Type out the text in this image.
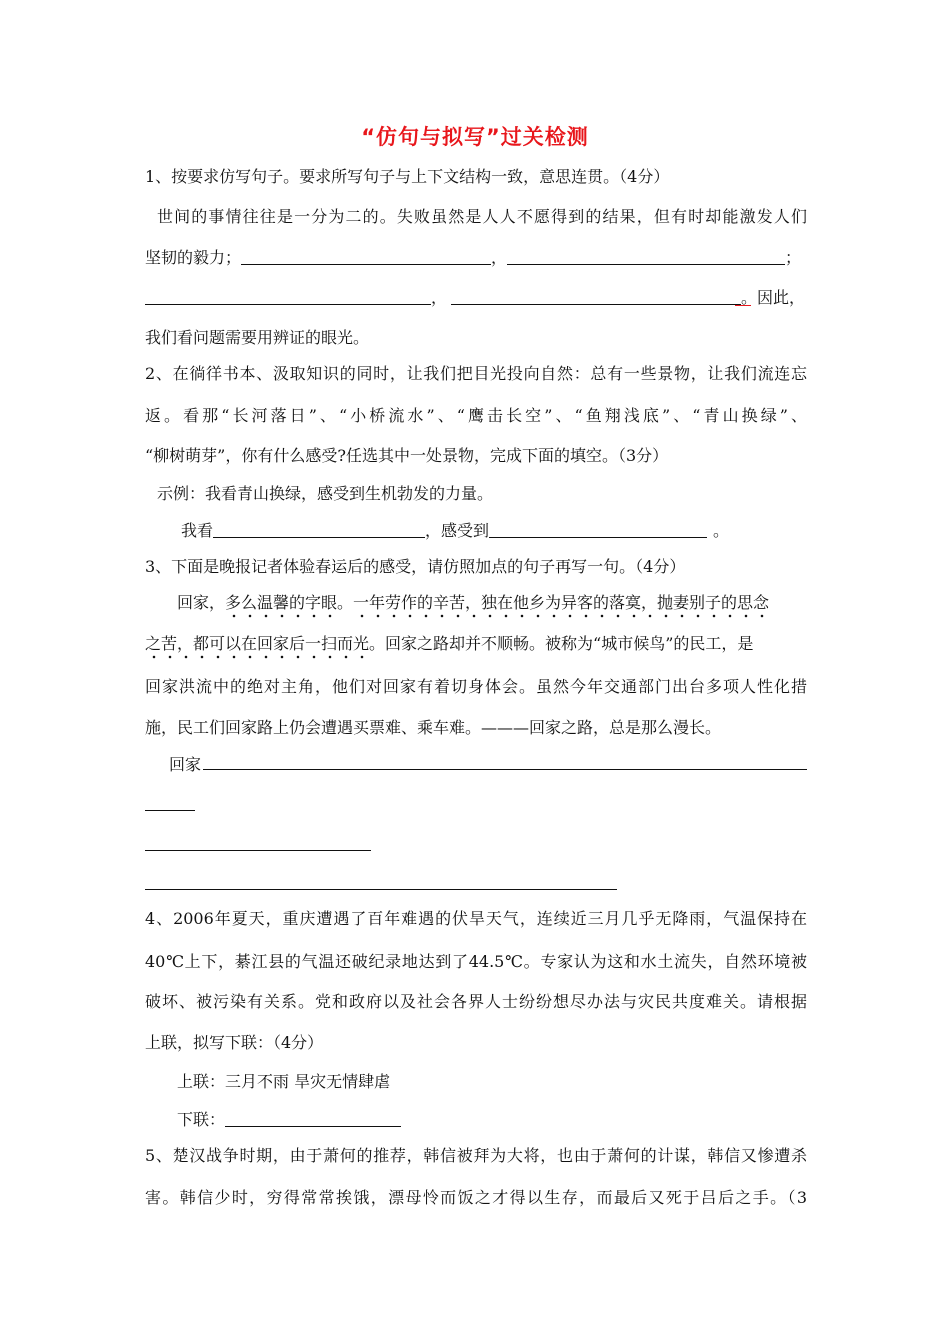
“仿句与拟写”过关检测
1、按要求仿写句子。要求所写句子与上下文结构一致，意思连贯。（4分）
世间的事情往往是一分为二的。失败虽然是人人不愿得到的结果，但有时却能激发人们
坚韧的毅力；	，	；
，	。因此，
我们看问题需要用辨证的眼光。
2、在徜徉书本、汲取知识的同时，让我们把目光投向自然：总有一些景物，让我们流连忘
返。看那“长河落日”、“小桥流水”、“鹰击长空”、“鱼翔浅底”、“青山换绿”、
“柳树萌芽”，你有什么感受?任选其中一处景物，完成下面的填空。（3分）
示例：我看青山换绿，感受到生机勃发的力量。
我看	，感受到	。
3、下面是晚报记者体验春运后的感受，请仿照加点的句子再写一句。（4分）
回家，多么温馨的字眼。一年劳作的辛苦，独在他乡为异客的落寞，抛妻别子的思念
之苦，都可以在回家后一扫而光。回家之路却并不顺畅。被称为“城市候鸟”的民工，是
回家洪流中的绝对主角，他们对回家有着切身体会。虽然今年交通部门出台多项人性化措
施，民工们回家路上仍会遭遇买票难、乘车难。———回家之路，总是那么漫长。
回家
4、2006年夏天，重庆遭遇了百年难遇的伏旱天气，连续近三月几乎无降雨，气温保持在
40℃上下，綦江县的气温还破纪录地达到了44.5℃。专家认为这和水土流失，自然环境被
破坏、被污染有关系。党和政府以及社会各界人士纷纷想尽办法与灾民共度难关。请根据
上联，拟写下联：（4分）
上联：三月不雨 旱灾无情肆虐
下联：
5、楚汉战争时期，由于萧何的推荐，韩信被拜为大将，也由于萧何的计谋，韩信又惨遭杀
害。韩信少时，穷得常常挨饿，漂母怜而饭之才得以生存，而最后又死于吕后之手。（3
